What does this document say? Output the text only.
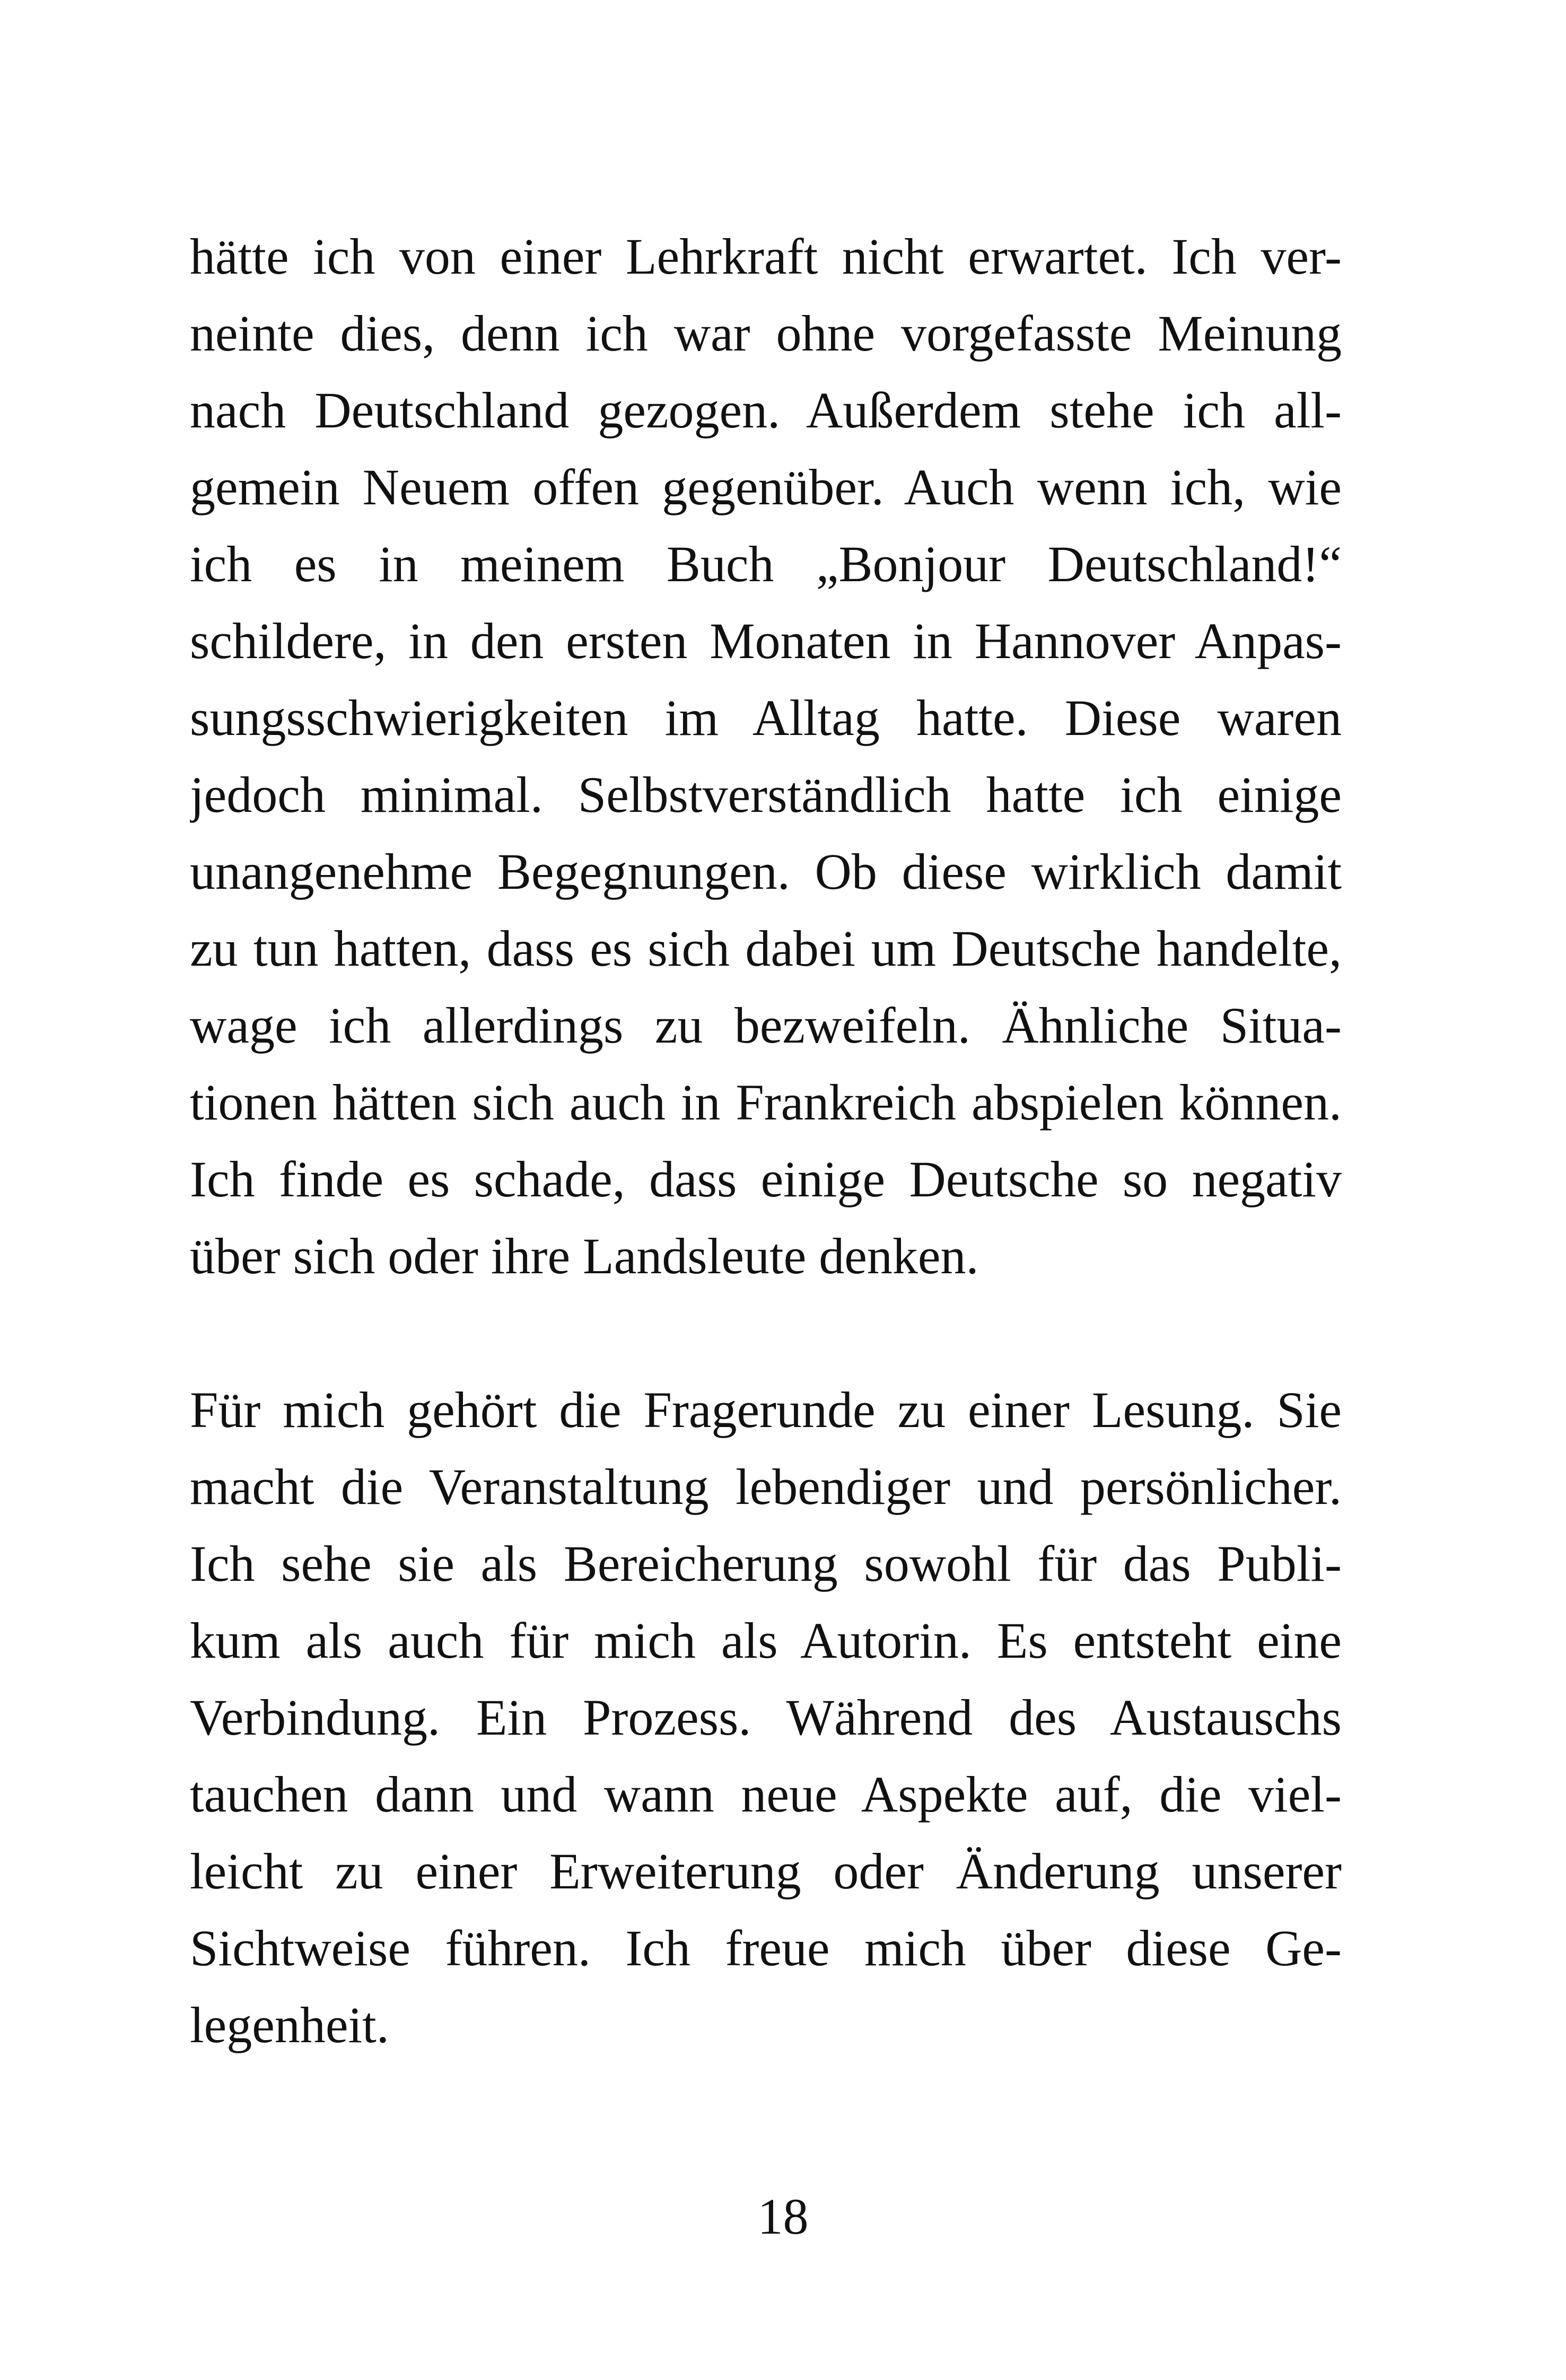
hätte ich von einer Lehrkraft nicht erwartet. Ich ver-

neinte dies, denn ich war ohne vorgefasste Meinung

nach Deutschland gezogen. Außerdem stehe ich all-

gemein Neuem offen gegenüber. Auch wenn ich, wie

ich es in meinem Buch „Bonjour Deutschland!“

schildere, in den ersten Monaten in Hannover Anpas-

sungsschwierigkeiten im Alltag hatte. Diese waren

jedoch minimal. Selbstverständlich hatte ich einige

unangenehme Begegnungen. Ob diese wirklich damit

zu tun hatten, dass es sich dabei um Deutsche handelte,

wage ich allerdings zu bezweifeln. Ähnliche Situa-

tionen hätten sich auch in Frankreich abspielen können.

Ich finde es schade, dass einige Deutsche so negativ

über sich oder ihre Landsleute denken.

Für mich gehört die Fragerunde zu einer Lesung. Sie

macht die Veranstaltung lebendiger und persönlicher.

Ich sehe sie als Bereicherung sowohl für das Publi-

kum als auch für mich als Autorin. Es entsteht eine

Verbindung. Ein Prozess. Während des Austauschs

tauchen dann und wann neue Aspekte auf, die viel-

leicht zu einer Erweiterung oder Änderung unserer

Sichtweise führen. Ich freue mich über diese Ge-

legenheit.

18
